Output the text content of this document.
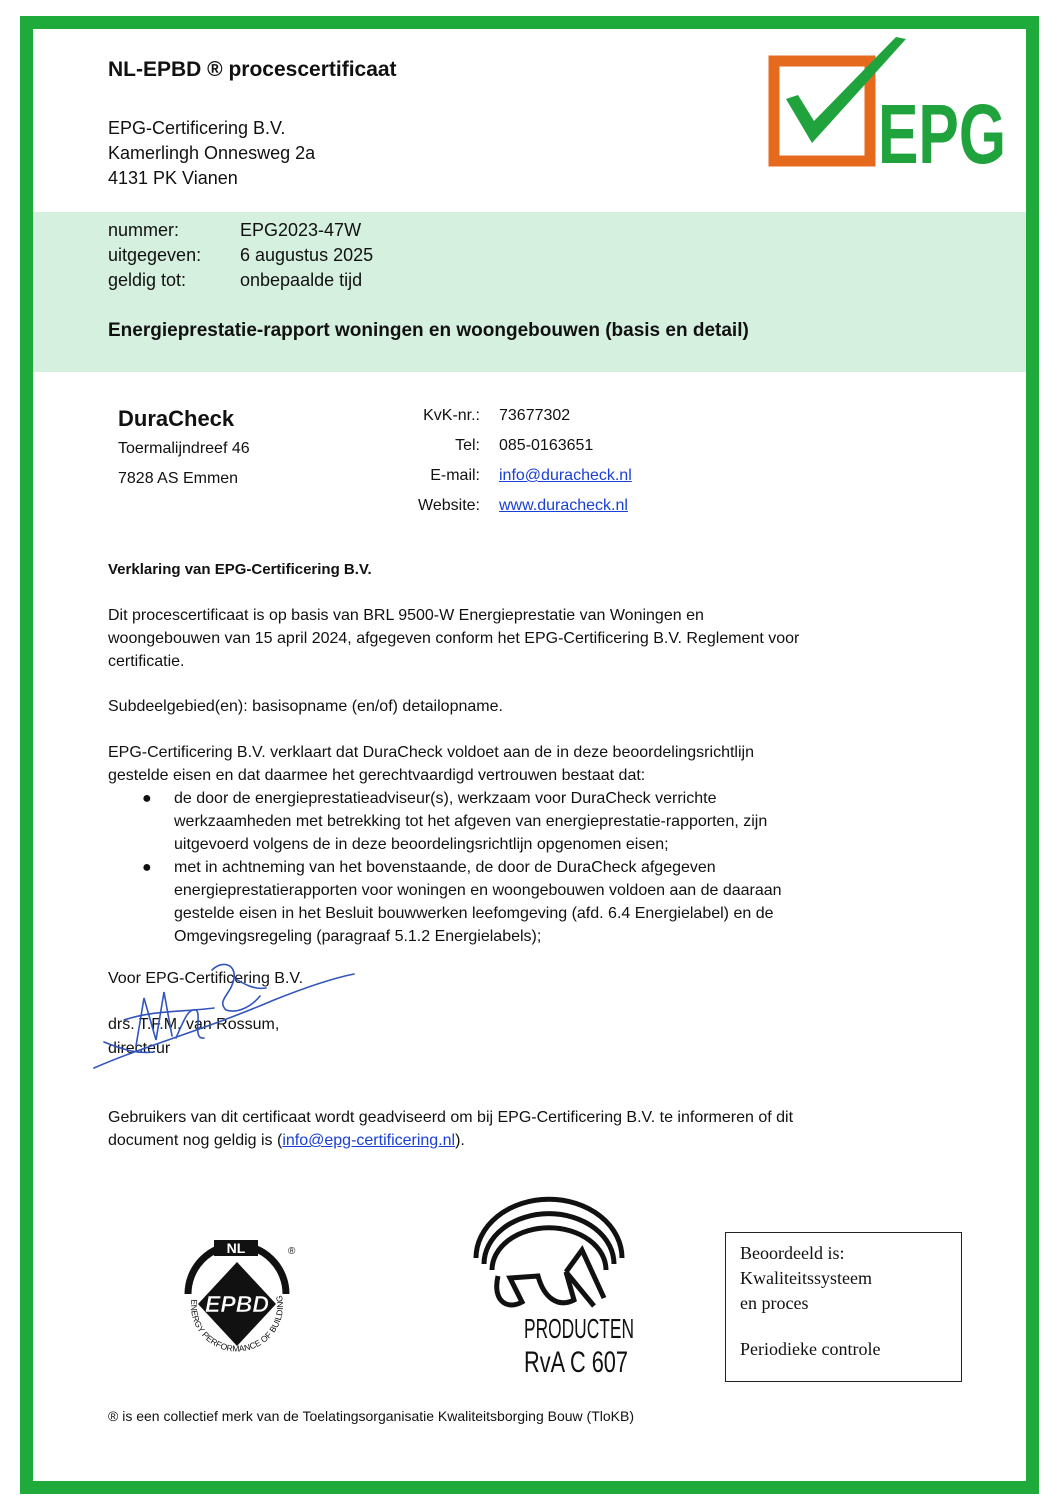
NL-EPBD ® procescertificaat
EPG-Certificering B.V.
Kamerlingh Onnesweg 2a
4131 PK Vianen	EPG
nummer:	EPG2023-47W
uitgegeven:	6 augustus 2025
geldig tot:	onbepaalde tijd
Energieprestatie-rapport woningen en woongebouwen (basis en detail)
DuraCheck
Toermalijndreef 46
7828 AS Emmen
KvK-nr.:	73677302
Tel:	085-0163651
E-mail:	info@duracheck.nl
Website:	www.duracheck.nl
Verklaring van EPG-Certificering B.V.
Dit procescertificaat is op basis van BRL 9500-W Energieprestatie van Woningen en
woongebouwen van 15 april 2024, afgegeven conform het EPG-Certificering B.V. Reglement voor
certificatie.
Subdeelgebied(en): basisopname (en/of) detailopname.
EPG-Certificering B.V. verklaart dat DuraCheck voldoet aan de in deze beoordelingsrichtlijn
gestelde eisen en dat daarmee het gerechtvaardigd vertrouwen bestaat dat:
●	de door de energieprestatieadviseur(s), werkzaam voor DuraCheck verrichte
werkzaamheden met betrekking tot het afgeven van energieprestatie-rapporten, zijn
uitgevoerd volgens de in deze beoordelingsrichtlijn opgenomen eisen;
●	met in achtneming van het bovenstaande, de door de DuraCheck afgegeven
energieprestatierapporten voor woningen en woongebouwen voldoen aan de daaraan
gestelde eisen in het Besluit bouwwerken leefomgeving (afd. 6.4 Energielabel) en de
Omgevingsregeling (paragraaf 5.1.2 Energielabels);
Voor EPG-Certificering B.V.
drs. T.F.M. van Rossum,
directeur
Gebruikers van dit certificaat wordt geadviseerd om bij EPG-Certificering B.V. te informeren of dit
document nog geldig is (info@epg-certificering.nl).
NL	®
EPBD
ENERGY PERFORMANCE OF BUILDING
PRODUCTEN
RvA C 607
Beoordeeld is:
Kwaliteitssysteem
en proces
Periodieke controle
® is een collectief merk van de Toelatingsorganisatie Kwaliteitsborging Bouw (TloKB)
